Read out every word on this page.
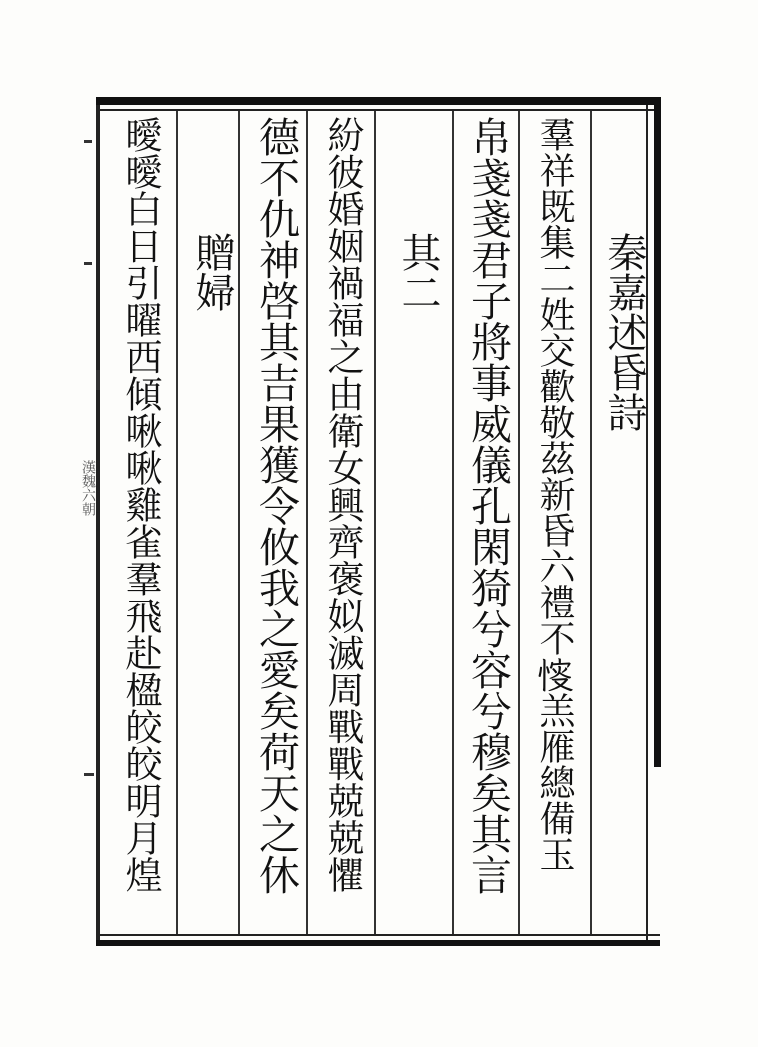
漢魏六朝
秦嘉述昏詩
羣祥既集二姓交歡敬茲新昏六禮不𢜶羔雁總備玉
帛戔戔君子將事威儀孔閑猗兮容兮穆矣其言
其二
紛彼婚姻禍福之由衛女興齊褒姒滅周戰戰兢兢懼
德不仇神啓其吉果獲令攸我之愛矣荷天之休
贈婦
曖曖白日引曜西傾啾啾雞雀羣飛赴楹皎皎明月煌
